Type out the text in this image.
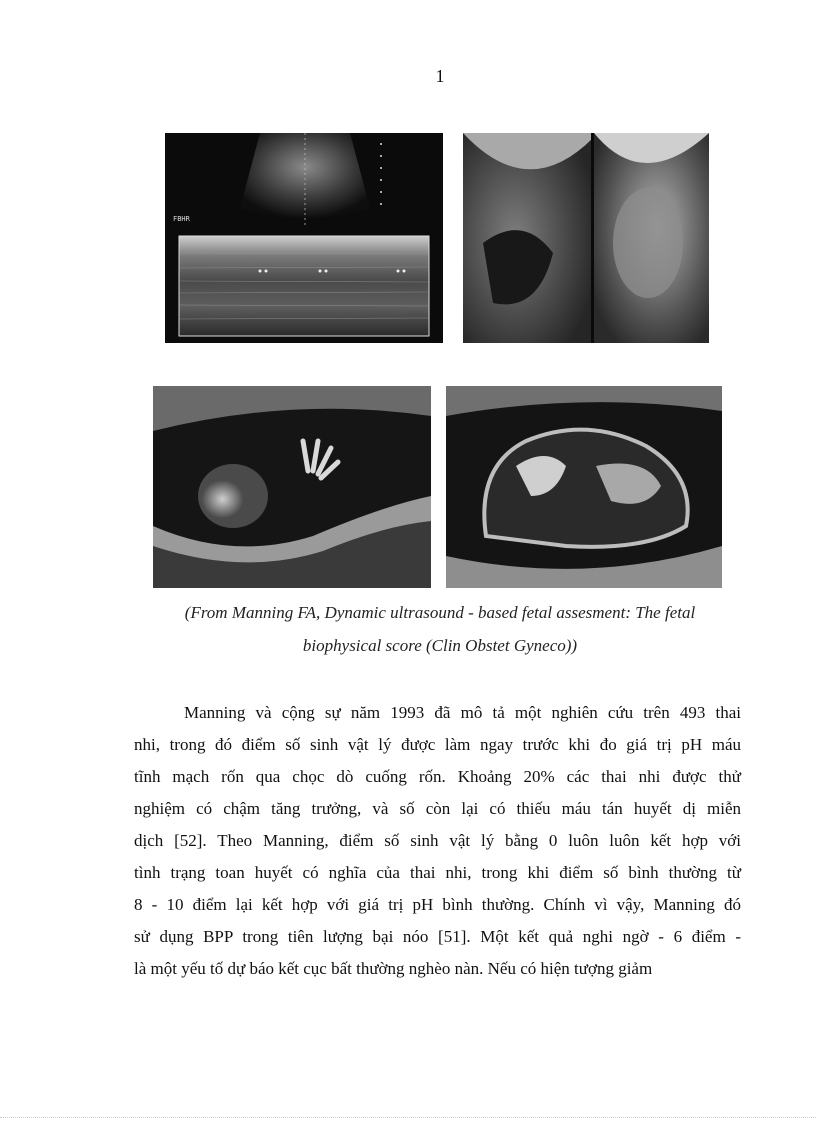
1
FBHR
(From Manning FA, Dynamic ultrasound - based fetal assesment: The fetal
biophysical score (Clin Obstet Gyneco))
Manning và cộng sự năm 1993 đã mô tả một nghiên cứu trên 493 thai
nhi, trong đó điểm số sinh vật lý được làm ngay trước khi đo giá trị pH máu
tĩnh mạch rốn qua chọc dò cuống rốn. Khoảng 20% các thai nhi được thử
nghiệm có chậm tăng trưởng, và số còn lại có thiếu máu tán huyết dị miễn
dịch [52]. Theo Manning, điểm số sinh vật lý bằng 0 luôn luôn kết hợp với
tình trạng toan huyết có nghĩa của thai nhi, trong khi điểm số bình thường từ
8 - 10 điểm lại kết hợp với giá trị pH bình thường. Chính vì vậy, Manning đó
sử dụng BPP trong tiên lượng bại nóo [51]. Một kết quả nghi ngờ - 6 điểm -
là một yếu tố dự báo kết cục bất thường nghèo nàn. Nếu có hiện tượng giảm
